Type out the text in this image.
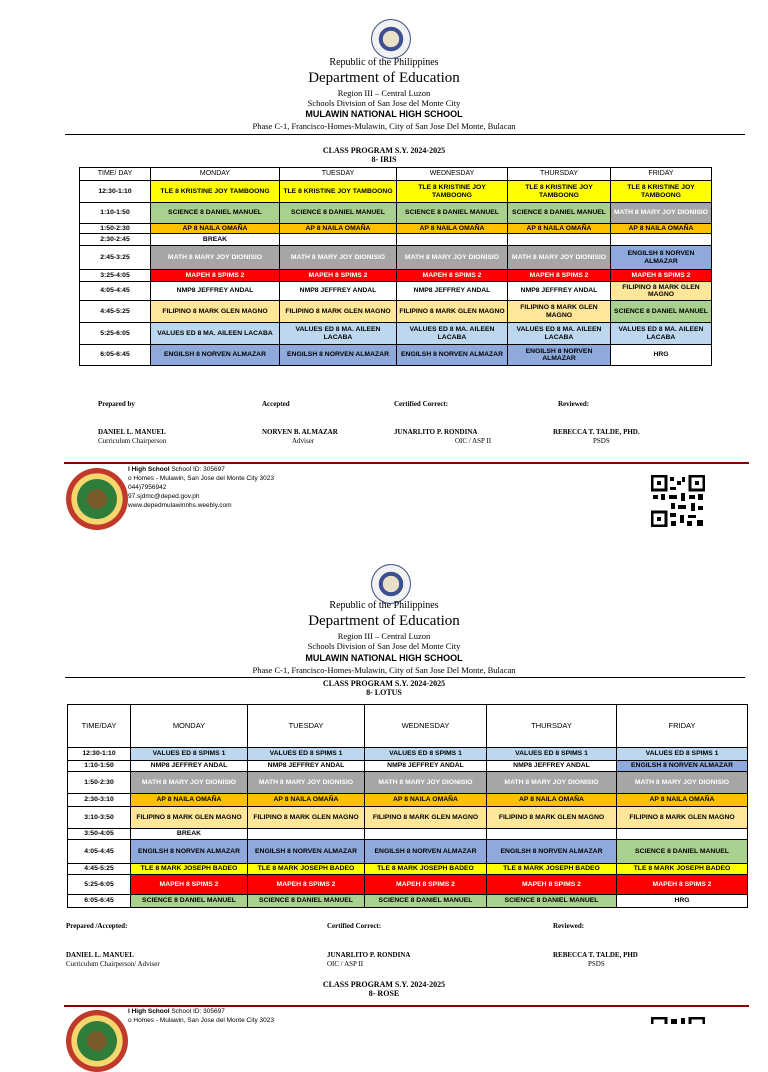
Republic of the Philippines
Department of Education
Region III – Central Luzon
Schools Division of San Jose del Monte City
MULAWIN NATIONAL HIGH SCHOOL
Phase C-1, Francisco-Homes-Mulawin, City of San Jose Del Monte, Bulacan
CLASS PROGRAM S.Y. 2024-2025
8- IRIS
TIME/ DAY	MONDAY	TUESDAY	WEDNESDAY	THURSDAY	FRIDAY
12:30-1:10	TLE 8 KRISTINE JOY TAMBOONG	TLE 8 KRISTINE JOY TAMBOONG	TLE 8 KRISTINE JOY TAMBOONG	TLE 8 KRISTINE JOY TAMBOONG	TLE 8 KRISTINE JOY TAMBOONG
1:10-1:50	SCIENCE 8 DANIEL MANUEL	SCIENCE 8 DANIEL MANUEL	SCIENCE 8 DANIEL MANUEL	SCIENCE 8 DANIEL MANUEL	MATH 8 MARY JOY DIONISIO
1:50-2:30	AP 8 NAILA OMAÑA	AP 8 NAILA OMAÑA	AP 8 NAILA OMAÑA	AP 8 NAILA OMAÑA	AP 8 NAILA OMAÑA
2:30-2:45	BREAK				
2:45-3:25	MATH 8 MARY JOY DIONISIO	MATH 8 MARY JOY DIONISIO	MATH 8 MARY JOY DIONISIO	MATH 8 MARY JOY DIONISIO	ENGILSH 8 NORVEN ALMAZAR
3:25-4:05	MAPEH 8 SPIMS 2	MAPEH 8 SPIMS 2	MAPEH 8 SPIMS 2	MAPEH 8 SPIMS 2	MAPEH 8 SPIMS 2
4:05-4:45	NMP8 JEFFREY ANDAL	NMP8 JEFFREY ANDAL	NMP8 JEFFREY ANDAL	NMP8 JEFFREY ANDAL	FILIPINO 8 MARK GLEN MAGNO
4:45-5:25	FILIPINO 8 MARK GLEN MAGNO	FILIPINO 8 MARK GLEN MAGNO	FILIPINO 8 MARK GLEN MAGNO	FILIPINO 8 MARK GLEN MAGNO	SCIENCE 8 DANIEL MANUEL
5:25-6:05	VALUES ED 8 MA. AILEEN LACABA	VALUES ED 8 MA. AILEEN LACABA	VALUES ED 8 MA. AILEEN LACABA	VALUES ED 8 MA. AILEEN LACABA	VALUES ED 8 MA. AILEEN LACABA
6:05-6:45	ENGILSH 8 NORVEN ALMAZAR	ENGILSH 8 NORVEN ALMAZAR	ENGILSH 8 NORVEN ALMAZAR	ENGILSH 8 NORVEN ALMAZAR	HRG
Prepared by	Accepted	Certified Correct:	Reviewed:
DANIEL L. MANUEL
Curriculum Chairperson
NORVEN B. ALMAZAR
Adviser
JUNARLITO P. RONDINA
OIC / ASP II
REBECCA T. TALDE, PHD.
PSDS
l High School School ID: 305697
o Homes - Mulawin, San Jose del Monte City 3023
044)7956942
97.sjdmc@deped.gov.ph
www.depedmulawinnhs.weebly.com
Republic of the Philippines
Department of Education
Region III – Central Luzon
Schools Division of San Jose del Monte City
MULAWIN NATIONAL HIGH SCHOOL
Phase C-1, Francisco-Homes-Mulawin, City of San Jose Del Monte, Bulacan
CLASS PROGRAM S.Y. 2024-2025
8- LOTUS
TIME/DAY	MONDAY	TUESDAY	WEDNESDAY	THURSDAY	FRIDAY
12:30-1:10	VALUES ED 8 SPIMS 1	VALUES ED 8 SPIMS 1	VALUES ED 8 SPIMS 1	VALUES ED 8 SPIMS 1	VALUES ED 8 SPIMS 1
1:10-1:50	NMP8 JEFFREY ANDAL	NMP8 JEFFREY ANDAL	NMP8 JEFFREY ANDAL	NMP8 JEFFREY ANDAL	ENGILSH 8 NORVEN ALMAZAR
1:50-2:30	MATH 8 MARY JOY DIONISIO	MATH 8 MARY JOY DIONISIO	MATH 8 MARY JOY DIONISIO	MATH 8 MARY JOY DIONISIO	MATH 8 MARY JOY DIONISIO
2:30-3:10	AP 8 NAILA OMAÑA	AP 8 NAILA OMAÑA	AP 8 NAILA OMAÑA	AP 8 NAILA OMAÑA	AP 8 NAILA OMAÑA
3:10-3:50	FILIPINO 8 MARK GLEN MAGNO	FILIPINO 8 MARK GLEN MAGNO	FILIPINO 8 MARK GLEN MAGNO	FILIPINO 8 MARK GLEN MAGNO	FILIPINO 8 MARK GLEN MAGNO
3:50-4:05	BREAK				
4:05-4:45	ENGILSH 8 NORVEN ALMAZAR	ENGILSH 8 NORVEN ALMAZAR	ENGILSH 8 NORVEN ALMAZAR	ENGILSH 8 NORVEN ALMAZAR	SCIENCE 8 DANIEL MANUEL
4:45-5:25	TLE 8 MARK JOSEPH BADEO	TLE 8 MARK JOSEPH BADEO	TLE 8 MARK JOSEPH BADEO	TLE 8 MARK JOSEPH BADEO	TLE 8 MARK JOSEPH BADEO
5:25-6:05	MAPEH 8 SPIMS 2	MAPEH 8 SPIMS 2	MAPEH 8 SPIMS 2	MAPEH 8 SPIMS 2	MAPEH 8 SPIMS 2
6:05-6:45	SCIENCE 8 DANIEL MANUEL	SCIENCE 8 DANIEL MANUEL	SCIENCE 8 DANIEL MANUEL	SCIENCE 8 DANIEL MANUEL	HRG
Prepared /Accepted:	Certified Correct:	Reviewed:
DANIEL L. MANUEL
Curriculum Chairperson/ Adviser
JUNARLITO P. RONDINA
OIC / ASP II
REBECCA T. TALDE, PHD
PSDS
CLASS PROGRAM S.Y. 2024-2025
8- ROSE
l High School School ID: 305697
o Homes - Mulawin, San Jose del Monte City 3023
